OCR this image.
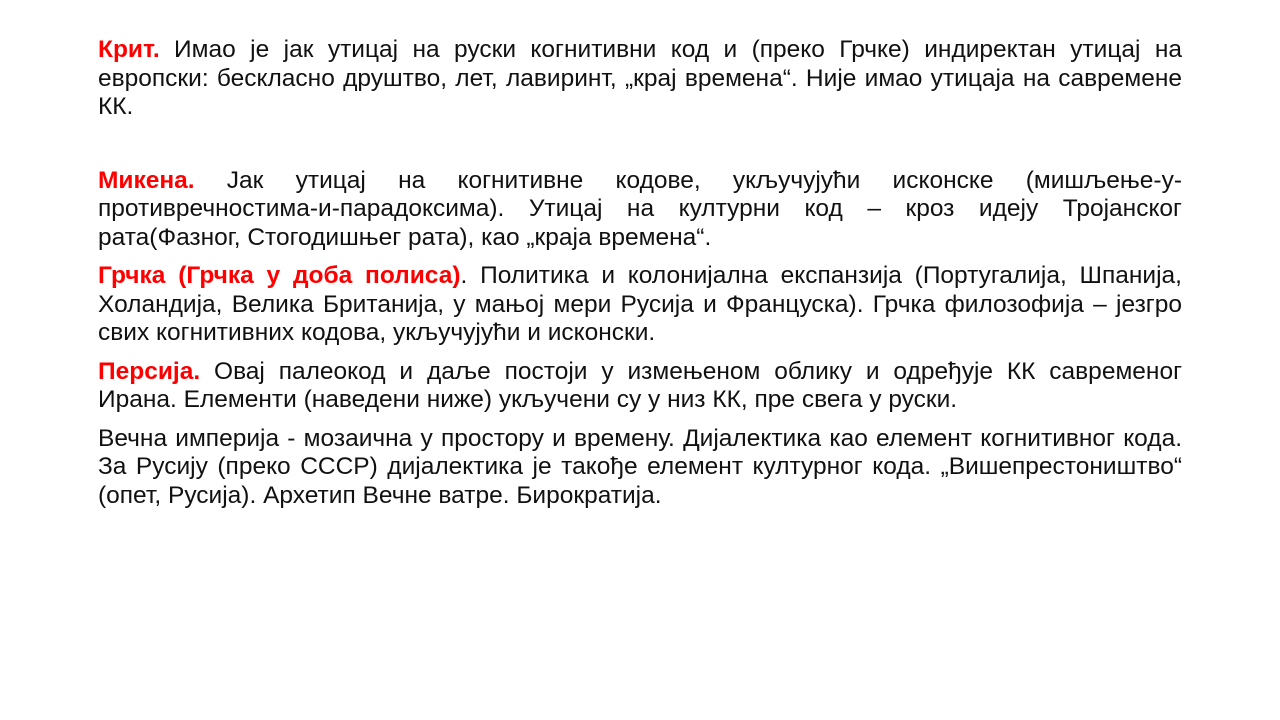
Крит. Имао је јак утицај на руски когнитивни код и (преко Грчке) индиректан утицај на европски: бескласно друштво, лет, лавиринт, „крај времена“. Није имао утицаја на савремене КК.

Микена. Јак утицај на когнитивне кодове, укључујући исконске (мишљење-у-противречностима-и-парадоксима). Утицај на културни код – кроз идеју Тројанског рата(Фазног, Стогодишњег рата), као „краја времена“.

Грчка (Грчка у доба полиса). Политика и колонијална експанзија (Португалија, Шпанија, Холандија, Велика Британија, у мањој мери Русија и Француска). Грчка филозофија – језгро свих когнитивних кодова, укључујући и исконски.

Персија. Овај палеокод и даље постоји у измењеном облику и одређује КК савременог Ирана. Елементи (наведени ниже) укључени су у низ КК, пре свега у руски.

Вечна империја - мозаична у простору и времену. Дијалектика као елемент когнитивног кода. За Русију (преко СССР) дијалектика је такође елемент културног кода. „Вишепрестоништво“ (опет, Русија). Архетип Вечне ватре. Бирократија.
